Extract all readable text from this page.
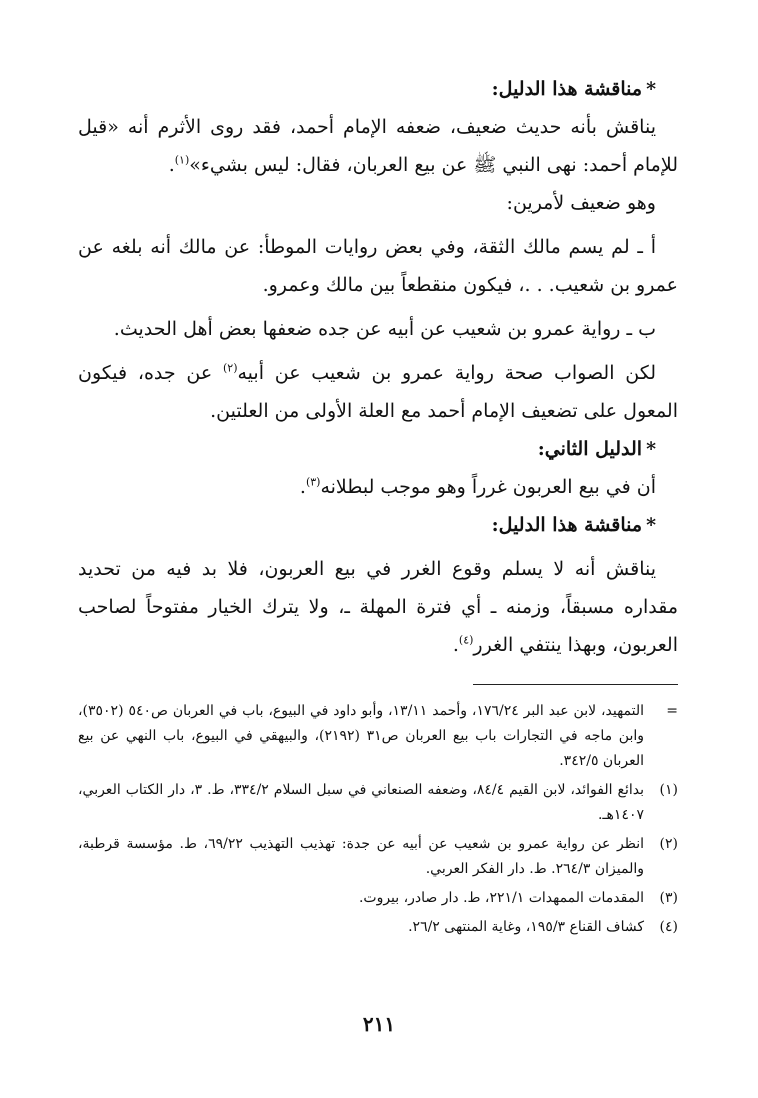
*مناقشة هذا الدليل:

يناقش بأنه حديث ضعيف، ضعفه الإمام أحمد، فقد روى الأثرم أنه «قيل للإمام أحمد: نهى النبي ﷺ عن بيع العربان، فقال: ليس بشيء»$^{(١)}$.

وهو ضعيف لأمرين:

أ ـ لم يسم مالك الثقة، وفي بعض روايات الموطأ: عن مالك أنه بلغه عن عمرو بن شعيب. . .، فيكون منقطعاً بين مالك وعمرو.

ب ـ رواية عمرو بن شعيب عن أبيه عن جده ضعفها بعض أهل الحديث.

لكن الصواب صحة رواية عمرو بن شعيب عن أبيه$^{(٢)}$ عن جده، فيكون المعول على تضعيف الإمام أحمد مع العلة الأولى من العلتين.

*الدليل الثاني:

أن في بيع العربون غرراً وهو موجب لبطلانه$^{(٣)}$.

*مناقشة هذا الدليل:

يناقش أنه لا يسلم وقوع الغرر في بيع العربون، فلا بد فيه من تحديد مقداره مسبقاً، وزمنه ـ أي فترة المهلة ـ، ولا يترك الخيار مفتوحاً لصاحب العربون، وبهذا ينتفي الغرر$^{(٤)}$.

=
التمهيد، لابن عبد البر ١٧٦/٢٤، وأحمد ١٣/١١، وأبو داود في البيوع، باب في العربان ص٥٤٠ (٣٥٠٢)، وابن ماجه في التجارات باب بيع العربان ص٣١ (٢١٩٢)، والبيهقي في البيوع، باب النهي عن بيع العربان ٣٤٢/٥.
(١)
بدائع الفوائد، لابن القيم ٨٤/٤، وضعفه الصنعاني في سبل السلام ٣٣٤/٢، ط. ٣، دار الكتاب العربي، ١٤٠٧هـ.
(٢)
انظر عن رواية عمرو بن شعيب عن أبيه عن جدة: تهذيب التهذيب ٦٩/٢٢، ط. مؤسسة قرطبة، والميزان ٢٦٤/٣. ط. دار الفكر العربي.
(٣)
المقدمات الممهدات ٢٢١/١، ط. دار صادر، بيروت.
(٤)
كشاف القناع ١٩٥/٣، وغاية المنتهى ٢٦/٢.
٢١١
